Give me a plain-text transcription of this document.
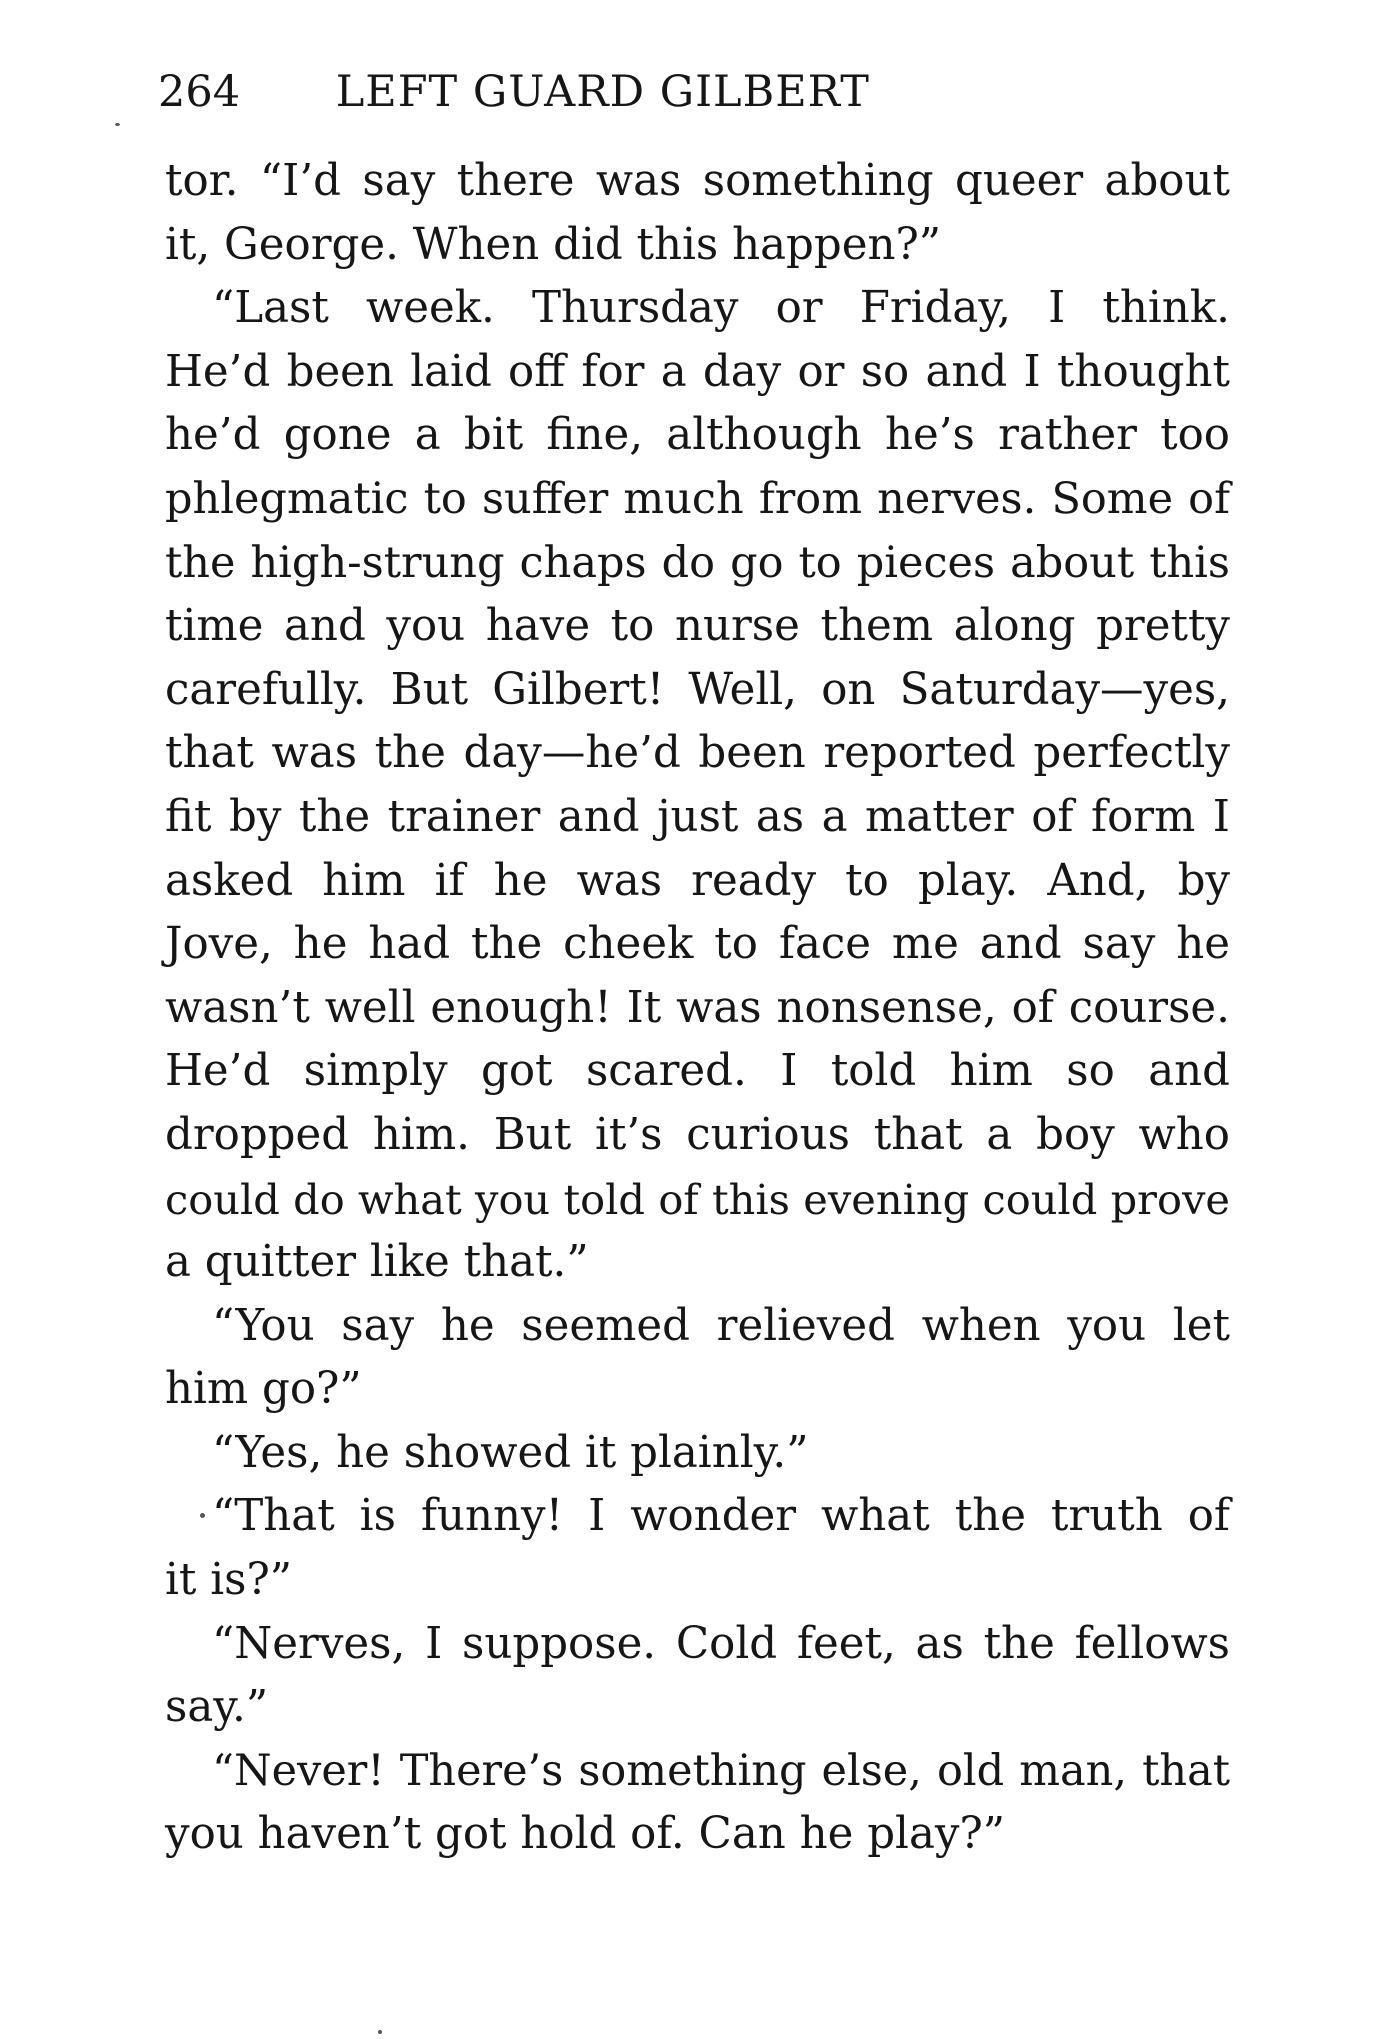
264 LEFT GUARD GILBERT
tor. “I’d say there was something queer about
it, George. When did this happen?”
“Last week. Thursday or Friday, I think.
He’d been laid off for a day or so and I thought
he’d gone a bit fine, although he’s rather too
phlegmatic to suffer much from nerves. Some of
the high-strung chaps do go to pieces about this
time and you have to nurse them along pretty
carefully. But Gilbert! Well, on Saturday—yes,
that was the day—he’d been reported perfectly
fit by the trainer and just as a matter of form I
asked him if he was ready to play. And, by
Jove, he had the cheek to face me and say he
wasn’t well enough! It was nonsense, of course.
He’d simply got scared. I told him so and
dropped him. But it’s curious that a boy who
could do what you told of this evening could prove
a quitter like that.”
“You say he seemed relieved when you let
him go?”
“Yes, he showed it plainly.”
“That is funny! I wonder what the truth of
it is?”
“Nerves, I suppose. Cold feet, as the fellows
say.”
“Never! There’s something else, old man, that
you haven’t got hold of. Can he play?”
